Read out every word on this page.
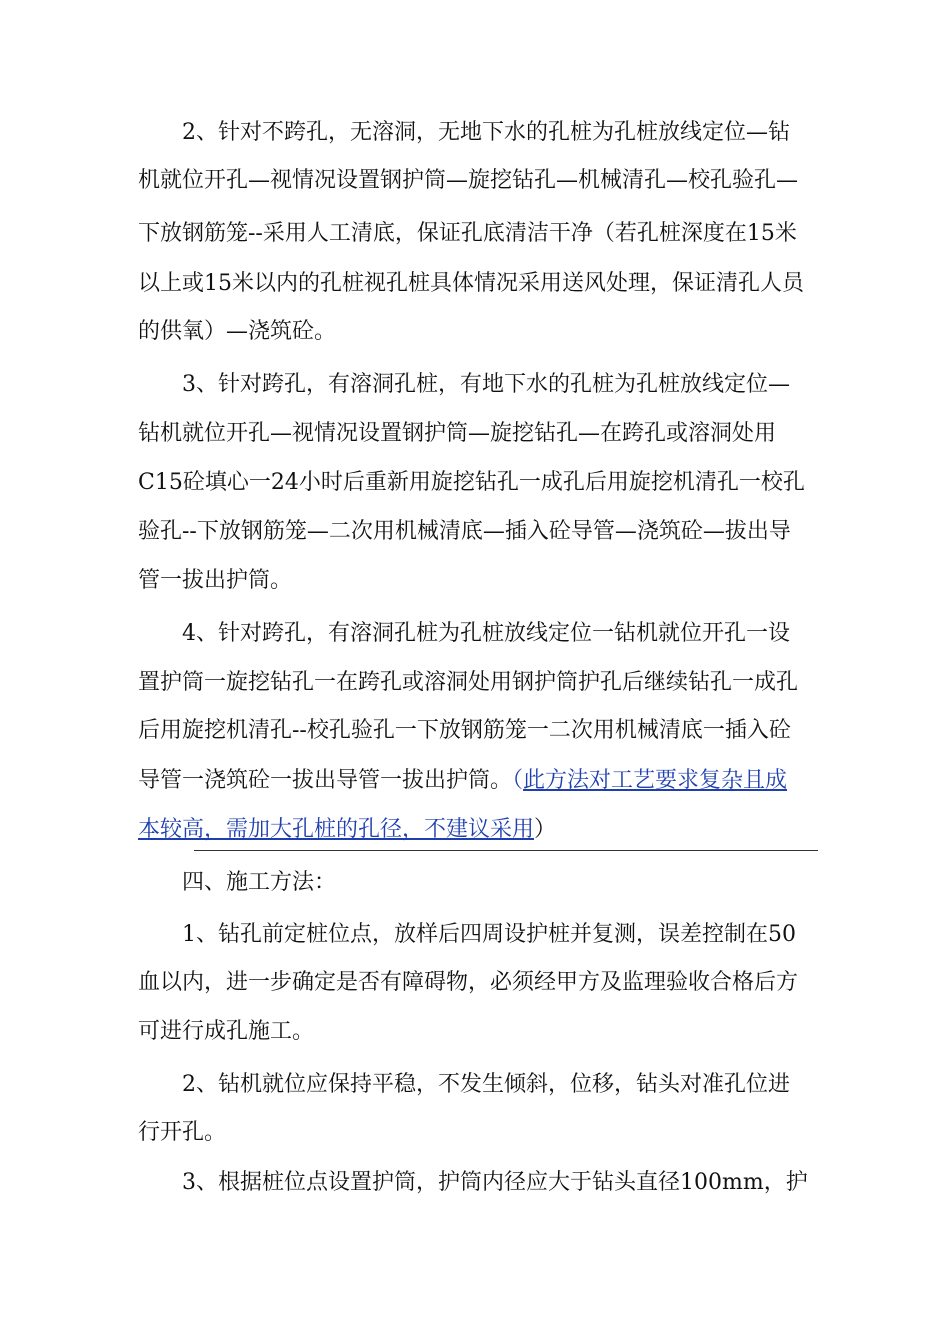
　　2、针对不跨孔，无溶洞，无地下水的孔桩为孔桩放线定位—钻
机就位开孔—视情况设置钢护筒—旋挖钻孔—机械清孔—校孔验孔—
下放钢筋笼--采用人工清底，保证孔底清洁干净（若孔桩深度在15米
以上或15米以内的孔桩视孔桩具体情况采用送风处理，保证清孔人员
的供氧）—浇筑砼。
　　3、针对跨孔，有溶洞孔桩，有地下水的孔桩为孔桩放线定位—
钻机就位开孔—视情况设置钢护筒—旋挖钻孔—在跨孔或溶洞处用
C15砼填心一24小时后重新用旋挖钻孔一成孔后用旋挖机清孔一校孔
验孔--下放钢筋笼—二次用机械清底—插入砼导管—浇筑砼—拔出导
管一拔出护筒。
　　4、针对跨孔，有溶洞孔桩为孔桩放线定位一钻机就位开孔一设
置护筒一旋挖钻孔一在跨孔或溶洞处用钢护筒护孔后继续钻孔一成孔
后用旋挖机清孔--校孔验孔一下放钢筋笼一二次用机械清底一插入砼
导管一浇筑砼一拔出导管一拔出护筒。（此方法对工艺要求复杂且成
本较高，需加大孔桩的孔径，不建议采用）
　　四、施工方法：
　　1、钻孔前定桩位点，放样后四周设护桩并复测，误差控制在50
血以内，进一步确定是否有障碍物，必须经甲方及监理验收合格后方
可进行成孔施工。
　　2、钻机就位应保持平稳，不发生倾斜，位移，钻头对准孔位进
行开孔。
　　3、根据桩位点设置护筒，护筒内径应大于钻头直径100mm，护
